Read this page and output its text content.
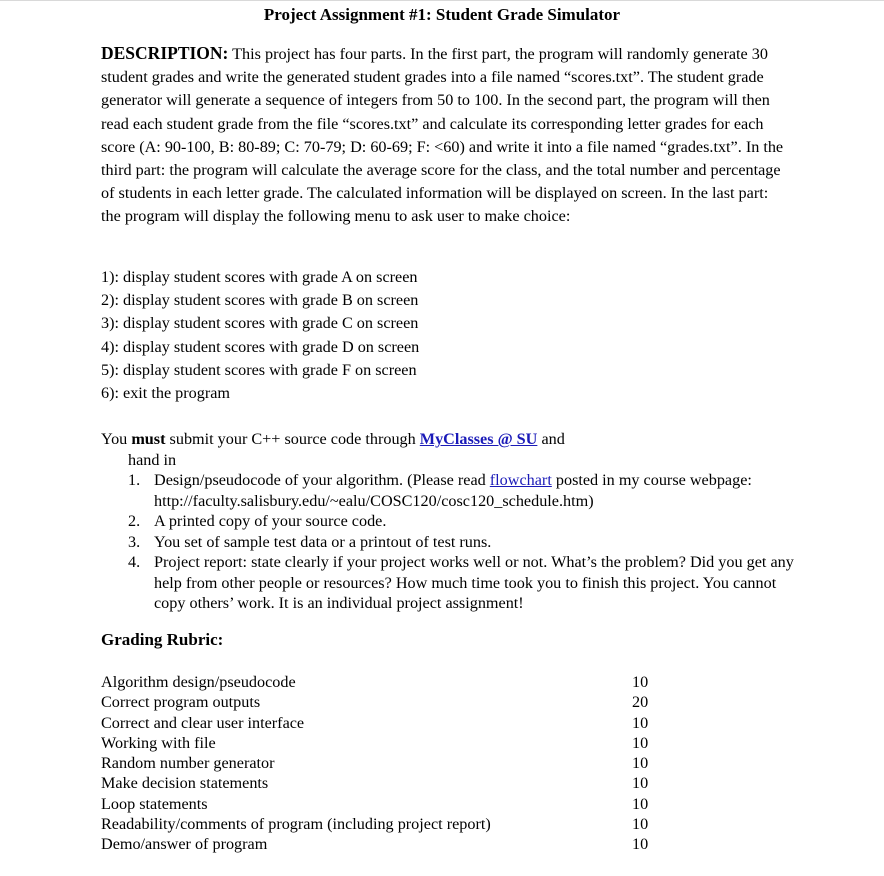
Project Assignment #1: Student Grade Simulator
DESCRIPTION: This project has four parts. In the first part, the program will randomly generate 30 student grades and write the generated student grades into a file named “scores.txt”. The student grade generator will generate a sequence of integers from 50 to 100. In the second part, the program will then read each student grade from the file “scores.txt” and calculate its corresponding letter grades for each score (A: 90-100, B: 80-89; C: 70-79; D: 60-69; F: <60) and write it into a file named “grades.txt”. In the third part: the program will calculate the average score for the class, and the total number and percentage of students in each letter grade. The calculated information will be displayed on screen. In the last part: the program will display the following menu to ask user to make choice:
1): display student scores with grade A on screen
2): display student scores with grade B on screen
3): display student scores with grade C on screen
4): display student scores with grade D on screen
5): display student scores with grade F on screen
6): exit the program
You must submit your C++ source code through MyClasses @ SU and
hand in
1. Design/pseudocode of your algorithm. (Please read flowchart posted in my course webpage: http://faculty.salisbury.edu/~ealu/COSC120/cosc120_schedule.htm)
2. A printed copy of your source code.
3. You set of sample test data or a printout of test runs.
4. Project report: state clearly if your project works well or not. What’s the problem? Did you get any help from other people or resources? How much time took you to finish this project. You cannot copy others’ work. It is an individual project assignment!
Grading Rubric:
Algorithm design/pseudocode	10
Correct program outputs	20
Correct and clear user interface	10
Working with file	10
Random number generator	10
Make decision statements	10
Loop statements	10
Readability/comments of program (including project report)	10
Demo/answer of program	10
